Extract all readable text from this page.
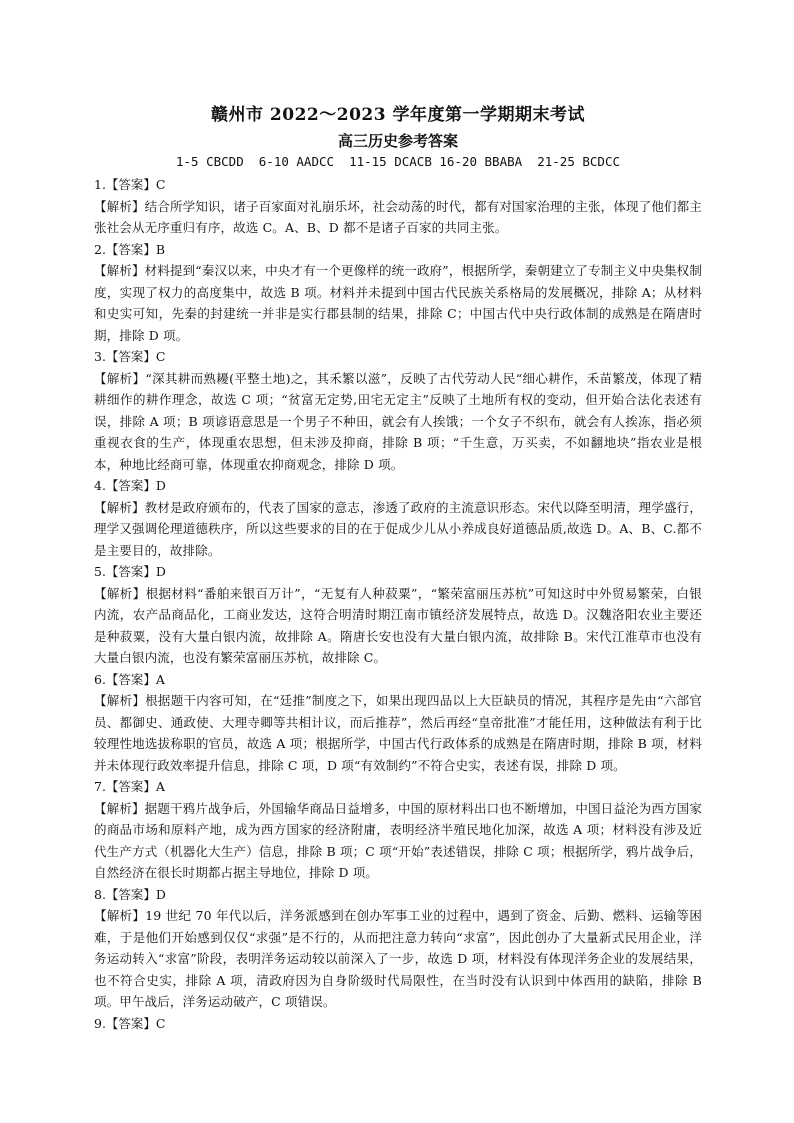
赣州市 2022～2023 学年度第一学期期末考试
高三历史参考答案

1-5 CBCDD  6-10 AADCC  11-15 DCACB 16-20 BBABA  21-25 BCDCC

1.【答案】C

【解析】结合所学知识，诸子百家面对礼崩乐坏，社会动荡的时代，都有对国家治理的主张，体现了他们都主张社会从无序重归有序，故选 C。A、B、D 都不是诸子百家的共同主张。

2.【答案】B

【解析】材料提到“秦汉以来，中央才有一个更像样的统一政府”，根据所学，秦朝建立了专制主义中央集权制度，实现了权力的高度集中，故选 B 项。材料并未提到中国古代民族关系格局的发展概况，排除 A；从材料和史实可知，先秦的封建统一并非是实行郡县制的结果，排除 C；中国古代中央行政体制的成熟是在隋唐时期，排除 D 项。

3.【答案】C

【解析】“深其耕而熟耰(平整土地)之，其禾繁以滋”，反映了古代劳动人民“细心耕作，禾苗繁茂，体现了精耕细作的耕作理念，故选 C 项；“贫富无定势,田宅无定主”反映了土地所有权的变动，但开始合法化表述有误，排除 A 项；B 项谚语意思是一个男子不种田，就会有人挨饿；一个女子不织布，就会有人挨冻，指必须重视衣食的生产，体现重农思想，但未涉及抑商，排除 B 项；“千生意，万买卖，不如翻地块”指农业是根本，种地比经商可靠，体现重农抑商观念，排除 D 项。

4.【答案】D

【解析】教材是政府颁布的，代表了国家的意志，渗透了政府的主流意识形态。宋代以降至明清，理学盛行，理学又强调伦理道德秩序，所以这些要求的目的在于促成少儿从小养成良好道德品质,故选 D。A、B、C.都不是主要目的，故排除。

5.【答案】D

【解析】根据材料“番舶来银百万计”，“无复有人种菽粟”，“繁荣富丽压苏杭”可知这时中外贸易繁荣，白银内流，农产品商品化，工商业发达，这符合明清时期江南市镇经济发展特点，故选 D。汉魏洛阳农业主要还是种菽粟，没有大量白银内流，故排除 A。隋唐长安也没有大量白银内流，故排除 B。宋代江淮草市也没有大量白银内流，也没有繁荣富丽压苏杭，故排除 C。

6.【答案】A

【解析】根据题干内容可知，在“廷推”制度之下，如果出现四品以上大臣缺员的情况，其程序是先由“六部官员、都御史、通政使、大理寺卿等共相计议，而后推荐”，然后再经“皇帝批准”才能任用，这种做法有利于比较理性地选拔称职的官员，故选 A 项；根据所学，中国古代行政体系的成熟是在隋唐时期，排除 B 项，材料并未体现行政效率提升信息，排除 C 项，D 项“有效制约”不符合史实，表述有误，排除 D 项。

7.【答案】A

【解析】据题干鸦片战争后，外国输华商品日益增多，中国的原材料出口也不断增加，中国日益沦为西方国家的商品市场和原料产地，成为西方国家的经济附庸，表明经济半殖民地化加深，故选 A 项；材料没有涉及近代生产方式（机器化大生产）信息，排除 B 项；C 项“开始”表述错误，排除 C 项；根据所学，鸦片战争后，自然经济在很长时期都占据主导地位，排除 D 项。

8.【答案】D

【解析】19 世纪 70 年代以后，洋务派感到在创办军事工业的过程中，遇到了资金、后勤、燃料、运输等困难，于是他们开始感到仅仅“求强”是不行的，从而把注意力转向“求富”，因此创办了大量新式民用企业，洋务运动转入“求富”阶段，表明洋务运动较以前深入了一步，故选 D 项，材料没有体现洋务企业的发展结果，也不符合史实，排除 A 项，清政府因为自身阶级时代局限性，在当时没有认识到中体西用的缺陷，排除 B 项。甲午战后，洋务运动破产，C 项错误。

9.【答案】C
